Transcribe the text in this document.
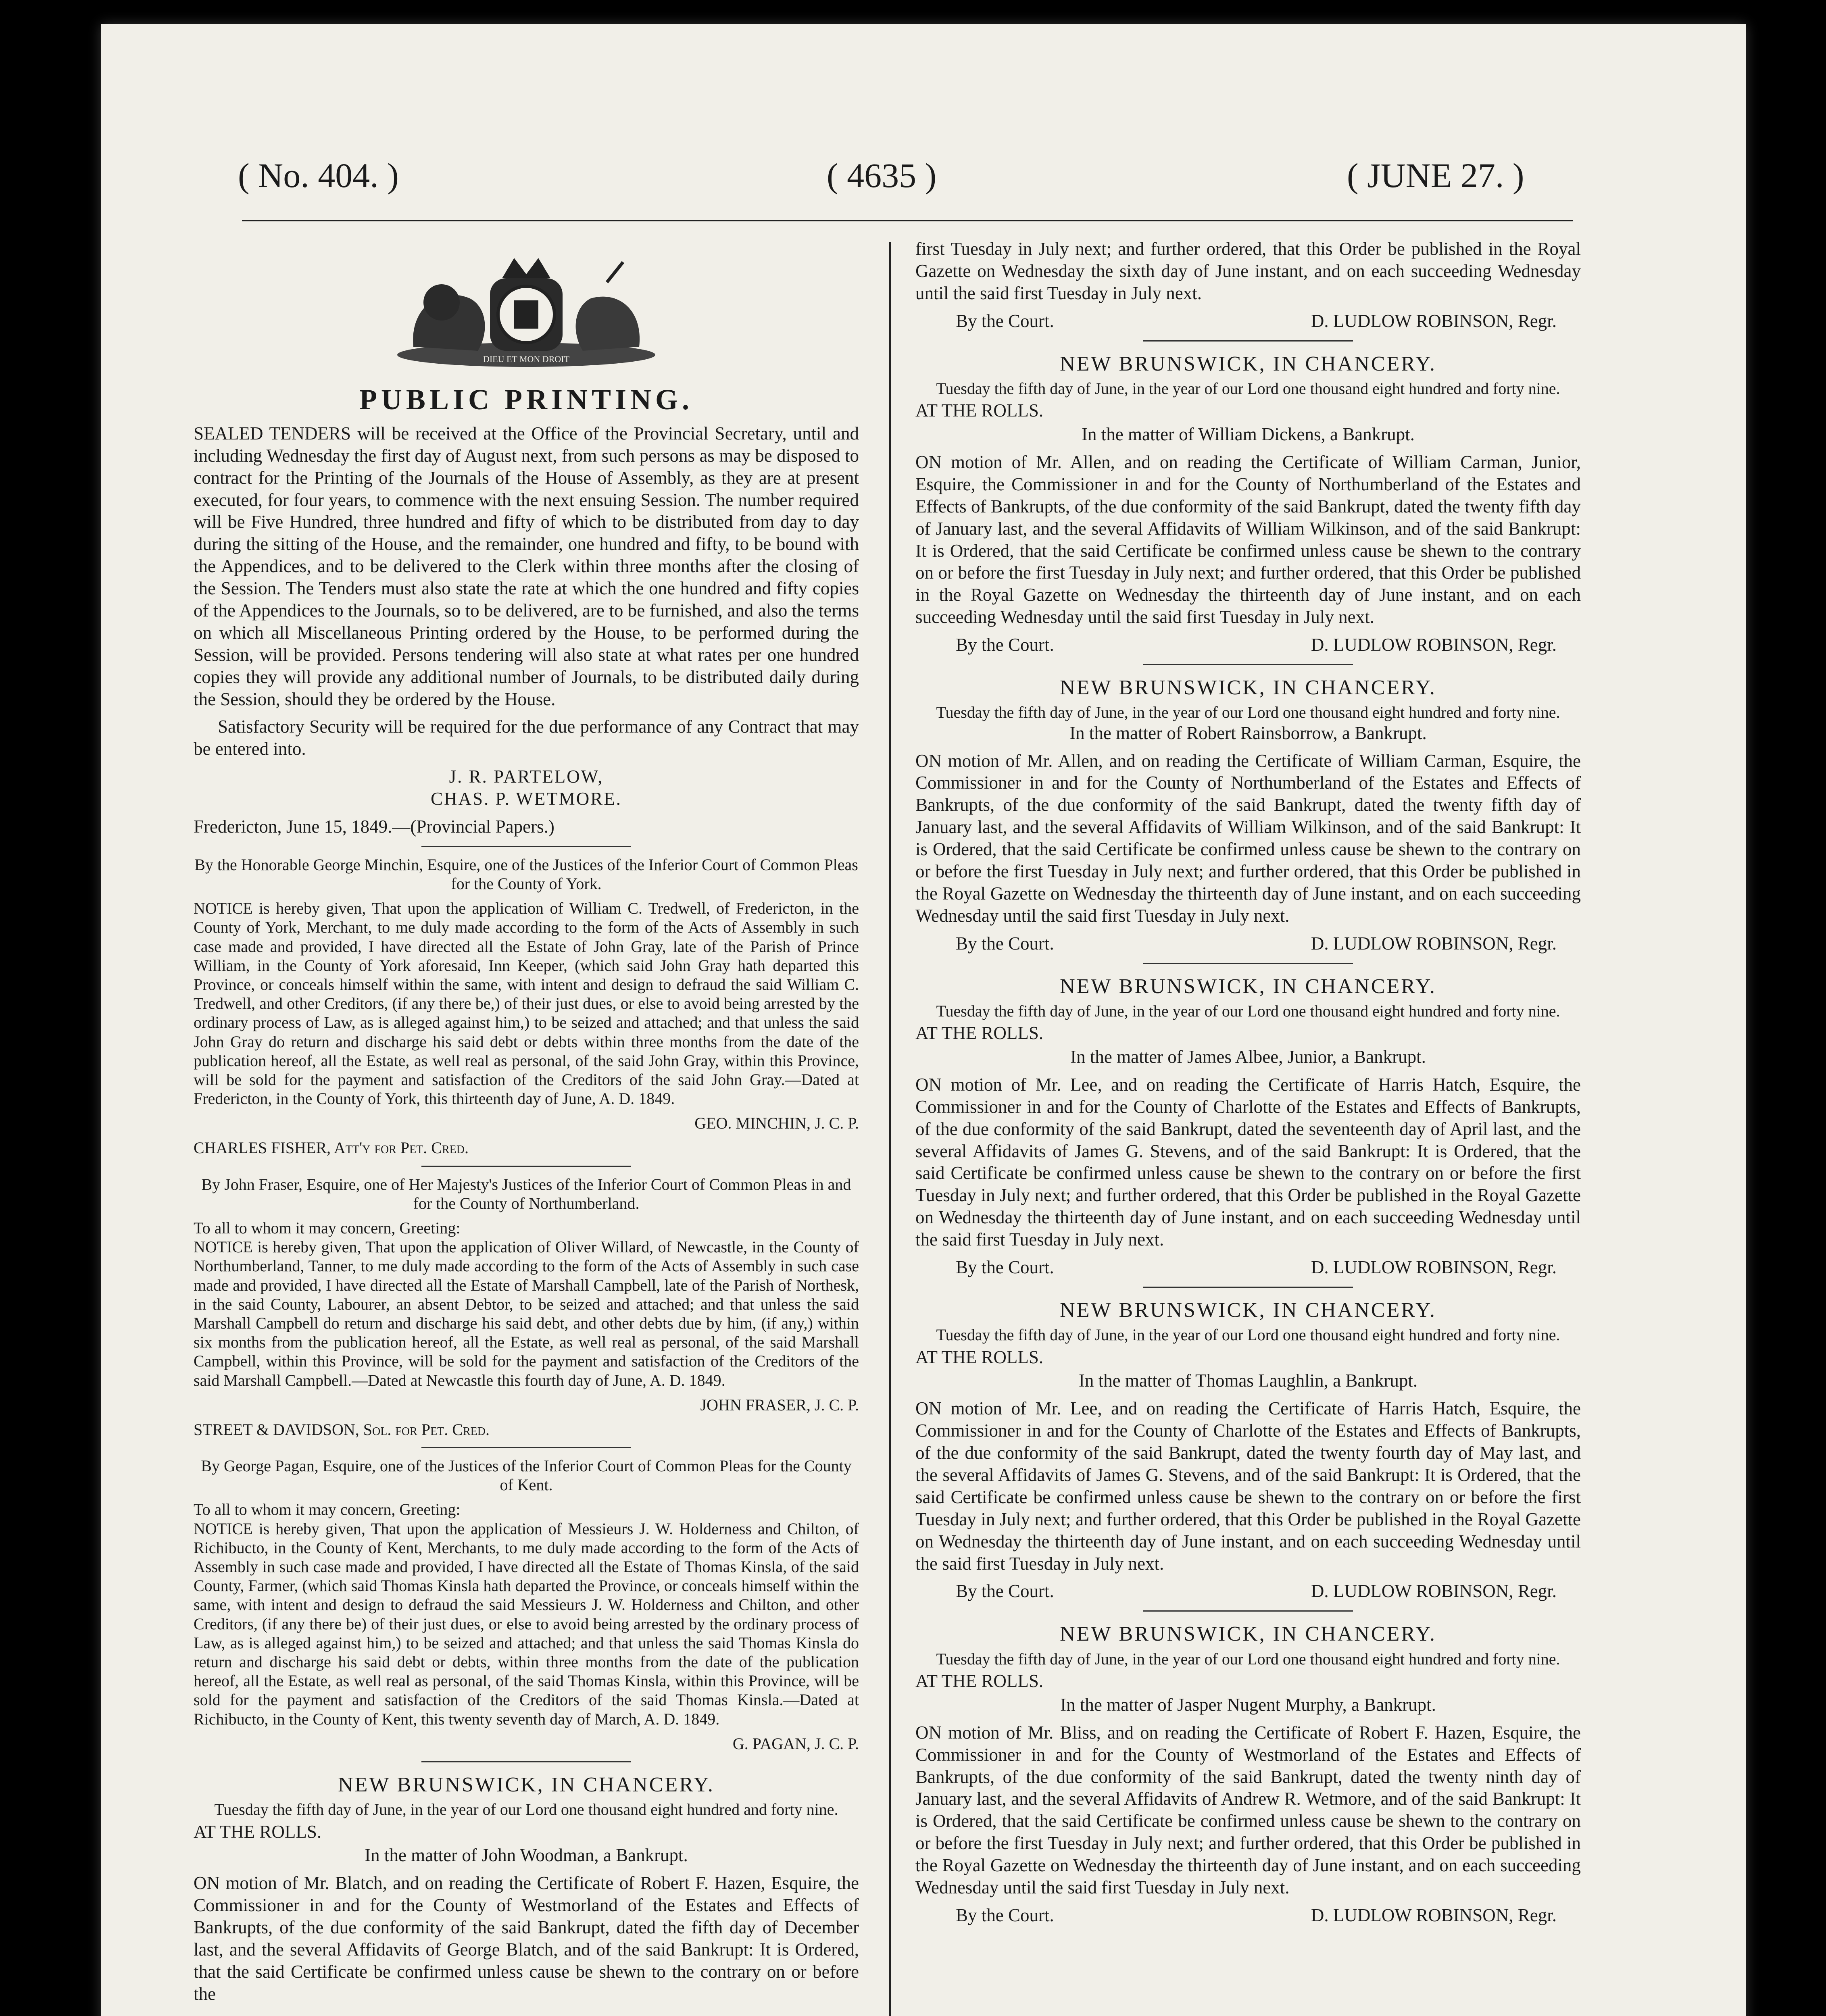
( No. 404. )	( 4635 )	( JUNE 27. )
DIEU ET MON DROIT
PUBLIC PRINTING.

SEALED TENDERS will be received at the Office of the Provincial Secretary, until and including Wednesday the first day of August next, from such persons as may be disposed to contract for the Printing of the Journals of the House of Assembly, as they are at present executed, for four years, to commence with the next ensuing Session. The number required will be Five Hundred, three hundred and fifty of which to be distributed from day to day during the sitting of the House, and the remainder, one hundred and fifty, to be bound with the Appendices, and to be delivered to the Clerk within three months after the closing of the Session. The Tenders must also state the rate at which the one hundred and fifty copies of the Appendices to the Journals, so to be delivered, are to be furnished, and also the terms on which all Miscellaneous Printing ordered by the House, to be performed during the Session, will be provided. Persons tendering will also state at what rates per one hundred copies they will provide any additional number of Journals, to be distributed daily during the Session, should they be ordered by the House.

Satisfactory Security will be required for the due performance of any Contract that may be entered into.

J. R. PARTELOW,

CHAS. P. WETMORE.

Fredericton, June 15, 1849.—(Provincial Papers.)

By the Honorable George Minchin, Esquire, one of the Justices of the Inferior Court of Common Pleas for the County of York.

NOTICE is hereby given, That upon the application of William C. Tredwell, of Fredericton, in the County of York, Merchant, to me duly made according to the form of the Acts of Assembly in such case made and provided, I have directed all the Estate of John Gray, late of the Parish of Prince William, in the County of York aforesaid, Inn Keeper, (which said John Gray hath departed this Province, or conceals himself within the same, with intent and design to defraud the said William C. Tredwell, and other Creditors, (if any there be,) of their just dues, or else to avoid being arrested by the ordinary process of Law, as is alleged against him,) to be seized and attached; and that unless the said John Gray do return and discharge his said debt or debts within three months from the date of the publication hereof, all the Estate, as well real as personal, of the said John Gray, within this Province, will be sold for the payment and satisfaction of the Creditors of the said John Gray.—Dated at Fredericton, in the County of York, this thirteenth day of June, A. D. 1849.

GEO. MINCHIN, J. C. P.

CHARLES FISHER, Att'y for Pet. Cred.

By John Fraser, Esquire, one of Her Majesty's Justices of the Inferior Court of Common Pleas in and for the County of Northumberland.

To all to whom it may concern, Greeting:

NOTICE is hereby given, That upon the application of Oliver Willard, of Newcastle, in the County of Northumberland, Tanner, to me duly made according to the form of the Acts of Assembly in such case made and provided, I have directed all the Estate of Marshall Campbell, late of the Parish of Northesk, in the said County, Labourer, an absent Debtor, to be seized and attached; and that unless the said Marshall Campbell do return and discharge his said debt, and other debts due by him, (if any,) within six months from the publication hereof, all the Estate, as well real as personal, of the said Marshall Campbell, within this Province, will be sold for the payment and satisfaction of the Creditors of the said Marshall Campbell.—Dated at Newcastle this fourth day of June, A. D. 1849.

JOHN FRASER, J. C. P.

STREET & DAVIDSON, Sol. for Pet. Cred.

By George Pagan, Esquire, one of the Justices of the Inferior Court of Common Pleas for the County of Kent.

To all to whom it may concern, Greeting:

NOTICE is hereby given, That upon the application of Messieurs J. W. Holderness and Chilton, of Richibucto, in the County of Kent, Merchants, to me duly made according to the form of the Acts of Assembly in such case made and provided, I have directed all the Estate of Thomas Kinsla, of the said County, Farmer, (which said Thomas Kinsla hath departed the Province, or conceals himself within the same, with intent and design to defraud the said Messieurs J. W. Holderness and Chilton, and other Creditors, (if any there be) of their just dues, or else to avoid being arrested by the ordinary process of Law, as is alleged against him,) to be seized and attached; and that unless the said Thomas Kinsla do return and discharge his said debt or debts, within three months from the date of the publication hereof, all the Estate, as well real as personal, of the said Thomas Kinsla, within this Province, will be sold for the payment and satisfaction of the Creditors of the said Thomas Kinsla.—Dated at Richibucto, in the County of Kent, this twenty seventh day of March, A. D. 1849.

G. PAGAN, J. C. P.

NEW BRUNSWICK, IN CHANCERY.

Tuesday the fifth day of June, in the year of our Lord one thousand eight hundred and forty nine.

AT THE ROLLS.

In the matter of John Woodman, a Bankrupt.

ON motion of Mr. Blatch, and on reading the Certificate of Robert F. Hazen, Esquire, the Commissioner in and for the County of Westmorland of the Estates and Effects of Bankrupts, of the due conformity of the said Bankrupt, dated the fifth day of December last, and the several Affidavits of George Blatch, and of the said Bankrupt: It is Ordered, that the said Certificate be confirmed unless cause be shewn to the contrary on or before the

first Tuesday in July next; and further ordered, that this Order be published in the Royal Gazette on Wednesday the sixth day of June instant, and on each succeeding Wednesday until the said first Tuesday in July next.

By the Court.	D. LUDLOW ROBINSON, Regr.
NEW BRUNSWICK, IN CHANCERY.

Tuesday the fifth day of June, in the year of our Lord one thousand eight hundred and forty nine.

AT THE ROLLS.

In the matter of William Dickens, a Bankrupt.

ON motion of Mr. Allen, and on reading the Certificate of William Carman, Junior, Esquire, the Commissioner in and for the County of Northumberland of the Estates and Effects of Bankrupts, of the due conformity of the said Bankrupt, dated the twenty fifth day of January last, and the several Affidavits of William Wilkinson, and of the said Bankrupt: It is Ordered, that the said Certificate be confirmed unless cause be shewn to the contrary on or before the first Tuesday in July next; and further ordered, that this Order be published in the Royal Gazette on Wednesday the thirteenth day of June instant, and on each succeeding Wednesday until the said first Tuesday in July next.

By the Court.	D. LUDLOW ROBINSON, Regr.
NEW BRUNSWICK, IN CHANCERY.

Tuesday the fifth day of June, in the year of our Lord one thousand eight hundred and forty nine.

In the matter of Robert Rainsborrow, a Bankrupt.

ON motion of Mr. Allen, and on reading the Certificate of William Carman, Esquire, the Commissioner in and for the County of Northumberland of the Estates and Effects of Bankrupts, of the due conformity of the said Bankrupt, dated the twenty fifth day of January last, and the several Affidavits of William Wilkinson, and of the said Bankrupt: It is Ordered, that the said Certificate be confirmed unless cause be shewn to the contrary on or before the first Tuesday in July next; and further ordered, that this Order be published in the Royal Gazette on Wednesday the thirteenth day of June instant, and on each succeeding Wednesday until the said first Tuesday in July next.

By the Court.	D. LUDLOW ROBINSON, Regr.
NEW BRUNSWICK, IN CHANCERY.

Tuesday the fifth day of June, in the year of our Lord one thousand eight hundred and forty nine.

AT THE ROLLS.

In the matter of James Albee, Junior, a Bankrupt.

ON motion of Mr. Lee, and on reading the Certificate of Harris Hatch, Esquire, the Commissioner in and for the County of Charlotte of the Estates and Effects of Bankrupts, of the due conformity of the said Bankrupt, dated the seventeenth day of April last, and the several Affidavits of James G. Stevens, and of the said Bankrupt: It is Ordered, that the said Certificate be confirmed unless cause be shewn to the contrary on or before the first Tuesday in July next; and further ordered, that this Order be published in the Royal Gazette on Wednesday the thirteenth day of June instant, and on each succeeding Wednesday until the said first Tuesday in July next.

By the Court.	D. LUDLOW ROBINSON, Regr.
NEW BRUNSWICK, IN CHANCERY.

Tuesday the fifth day of June, in the year of our Lord one thousand eight hundred and forty nine.

AT THE ROLLS.

In the matter of Thomas Laughlin, a Bankrupt.

ON motion of Mr. Lee, and on reading the Certificate of Harris Hatch, Esquire, the Commissioner in and for the County of Charlotte of the Estates and Effects of Bankrupts, of the due conformity of the said Bankrupt, dated the twenty fourth day of May last, and the several Affidavits of James G. Stevens, and of the said Bankrupt: It is Ordered, that the said Certificate be confirmed unless cause be shewn to the contrary on or before the first Tuesday in July next; and further ordered, that this Order be published in the Royal Gazette on Wednesday the thirteenth day of June instant, and on each succeeding Wednesday until the said first Tuesday in July next.

By the Court.	D. LUDLOW ROBINSON, Regr.
NEW BRUNSWICK, IN CHANCERY.

Tuesday the fifth day of June, in the year of our Lord one thousand eight hundred and forty nine.

AT THE ROLLS.

In the matter of Jasper Nugent Murphy, a Bankrupt.

ON motion of Mr. Bliss, and on reading the Certificate of Robert F. Hazen, Esquire, the Commissioner in and for the County of Westmorland of the Estates and Effects of Bankrupts, of the due conformity of the said Bankrupt, dated the twenty ninth day of January last, and the several Affidavits of Andrew R. Wetmore, and of the said Bankrupt: It is Ordered, that the said Certificate be confirmed unless cause be shewn to the contrary on or before the first Tuesday in July next; and further ordered, that this Order be published in the Royal Gazette on Wednesday the thirteenth day of June instant, and on each succeeding Wednesday until the said first Tuesday in July next.

By the Court.	D. LUDLOW ROBINSON, Regr.
